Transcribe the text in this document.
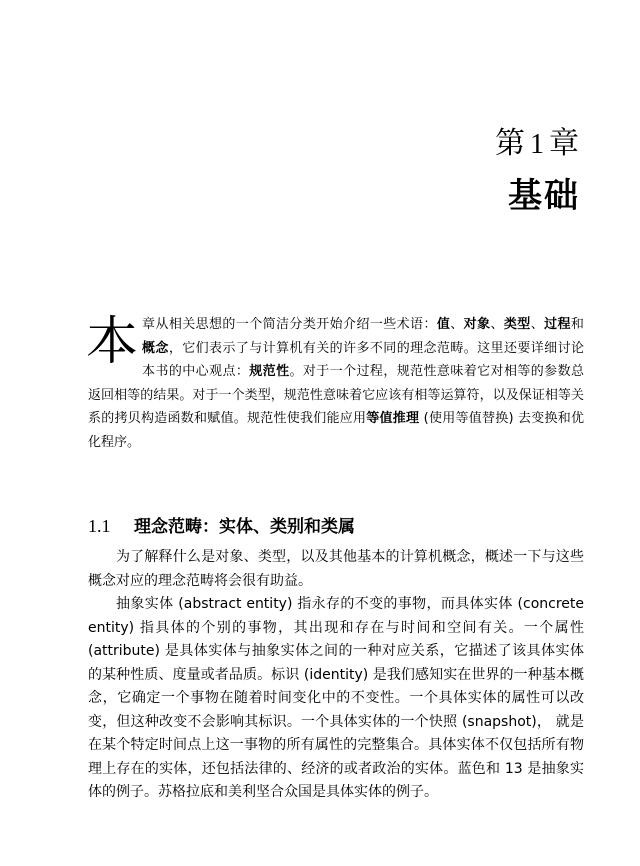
第 1 章
基础
本章从相关思想的一个简洁分类开始介绍一些术语：值、对象、类型、过程和概念，它们表示了与计算机有关的许多不同的理念范畴。这里还要详细讨论本书的中心观点：规范性。对于一个过程，规范性意味着它对相等的参数总返回相等的结果。对于一个类型，规范性意味着它应该有相等运算符，以及保证相等关系的拷贝构造函数和赋值。规范性使我们能应用等值推理 (使用等值替换) 去变换和优化程序。
1.1 理念范畴：实体、类别和类属

为了解释什么是对象、类型，以及其他基本的计算机概念，概述一下与这些概念对应的理念范畴将会很有助益。

抽象实体 (abstract entity) 指永存的不变的事物，而具体实体 (concrete entity) 指具体的个别的事物，其出现和存在与时间和空间有关。一个属性 (attribute) 是具体实体与抽象实体之间的一种对应关系，它描述了该具体实体的某种性质、度量或者品质。标识 (identity) 是我们感知实在世界的一种基本概念，它确定一个事物在随着时间变化中的不变性。一个具体实体的属性可以改变，但这种改变不会影响其标识。一个具体实体的一个快照 (snapshot)， 就是在某个特定时间点上这一事物的所有属性的完整集合。具体实体不仅包括所有物理上存在的实体，还包括法律的、经济的或者政治的实体。蓝色和 13 是抽象实体的例子。苏格拉底和美利坚合众国是具体实体的例子。
